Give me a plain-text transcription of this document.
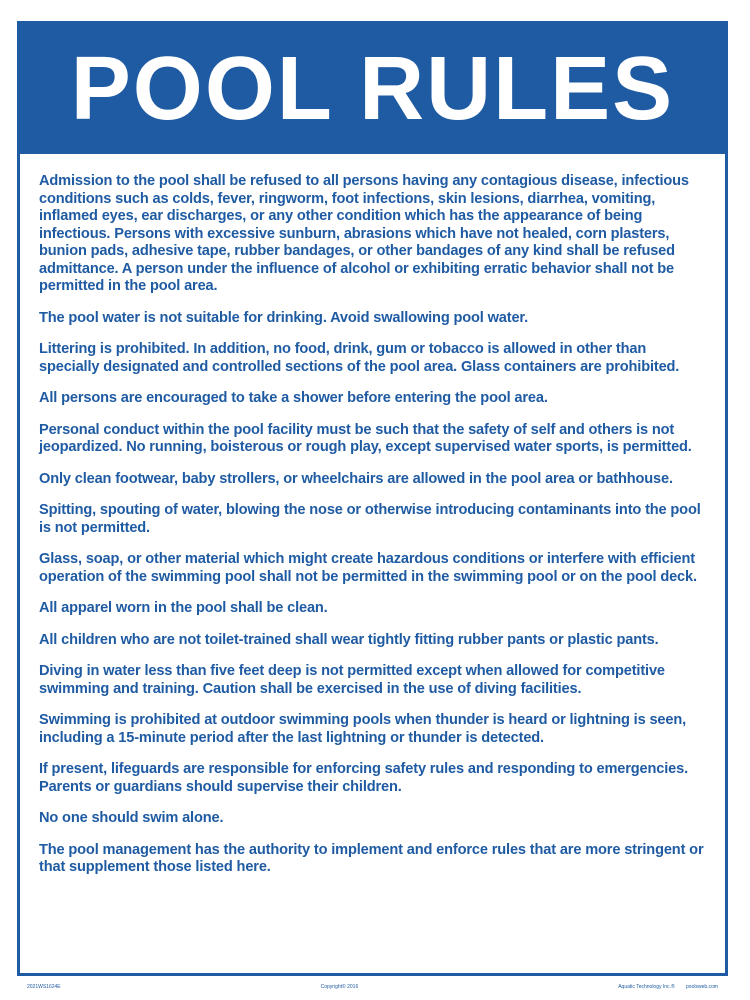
POOL RULES
Admission to the pool shall be refused to all persons having any contagious disease, infectious conditions such as colds, fever, ringworm, foot infections, skin lesions, diarrhea, vomiting, inflamed eyes, ear discharges, or any other condition which has the appearance of being infectious. Persons with excessive sunburn, abrasions which have not healed, corn plasters, bunion pads, adhesive tape, rubber bandages, or other bandages of any kind shall be refused admittance. A person under the influence of alcohol or exhibiting erratic behavior shall not be permitted in the pool area.
The pool water is not suitable for drinking. Avoid swallowing pool water.
Littering is prohibited. In addition, no food, drink, gum or tobacco is allowed in other than specially designated and controlled sections of the pool area. Glass containers are prohibited.
All persons are encouraged to take a shower before entering the pool area.
Personal conduct within the pool facility must be such that the safety of self and others is not jeopardized. No running, boisterous or rough play, except supervised water sports, is permitted.
Only clean footwear, baby strollers, or wheelchairs are allowed in the pool area or bathhouse.
Spitting, spouting of water, blowing the nose or otherwise introducing contaminants into the pool is not permitted.
Glass, soap, or other material which might create hazardous conditions or interfere with efficient operation of the swimming pool shall not be permitted in the swimming pool or on the pool deck.
All apparel worn in the pool shall be clean.
All children who are not toilet-trained shall wear tightly fitting rubber pants or plastic pants.
Diving in water less than five feet deep is not permitted except when allowed for competitive swimming and training. Caution shall be exercised in the use of diving facilities.
Swimming is prohibited at outdoor swimming pools when thunder is heard or lightning is seen, including a 15-minute period after the last lightning or thunder is detected.
If present, lifeguards are responsible for enforcing safety rules and responding to emergencies. Parents or guardians should supervise their children.
No one should swim alone.
The pool management has the authority to implement and enforce rules that are more stringent or that supplement those listed here.
2021WS1624E	Copyright© 2016	Aquatic Technology Inc.® poolsweb.com
